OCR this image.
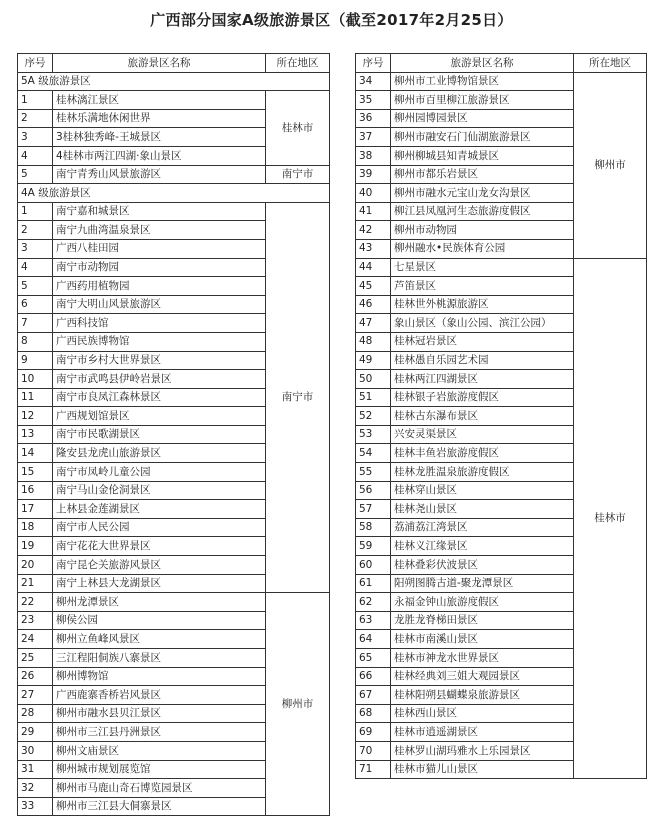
广西部分国家A级旅游景区（截至2017年2月25日）
序号	旅游景区名称	所在地区
5A 级旅游景区		
1	桂林漓江景区	桂林市
2	桂林乐满地休闲世界	
3	3桂林独秀峰-王城景区	
4	4桂林市两江四湖·象山景区	
5	南宁青秀山风景旅游区	南宁市
4A 级旅游景区		
1	南宁嘉和城景区	南宁市
2	南宁九曲湾温泉景区	
3	广西八桂田园	
4	南宁市动物园	
5	广西药用植物园	
6	南宁大明山风景旅游区	
7	广西科技馆	
8	广西民族博物馆	
9	南宁市乡村大世界景区	
10	南宁市武鸣县伊岭岩景区	
11	南宁市良凤江森林景区	
12	广西规划馆景区	
13	南宁市民歌湖景区	
14	隆安县龙虎山旅游景区	
15	南宁市凤岭儿童公园	
16	南宁马山金伦洞景区	
17	上林县金莲湖景区	
18	南宁市人民公园	
19	南宁花花大世界景区	
20	南宁昆仑关旅游风景区	
21	南宁上林县大龙湖景区	
22	柳州龙潭景区	柳州市
23	柳侯公园	
24	柳州立鱼峰风景区	
25	三江程阳侗族八寨景区	
26	柳州博物馆	
27	广西鹿寨香桥岩风景区	
28	柳州市融水县贝江景区	
29	柳州市三江县丹洲景区	
30	柳州文庙景区	
31	柳州城市规划展览馆	
32	柳州市马鹿山奇石博览园景区	
33	柳州市三江县大侗寨景区	
序号	旅游景区名称	所在地区
34	柳州市工业博物馆景区	柳州市
35	柳州市百里柳江旅游景区	
36	柳州园博园景区	
37	柳州市融安石门仙湖旅游景区	
38	柳州柳城县知青城景区	
39	柳州市都乐岩景区	
40	柳州市融水元宝山龙女沟景区	
41	柳江县凤凰河生态旅游度假区	
42	柳州市动物园	
43	柳州融水•民族体育公园	
44	七星景区	桂林市
45	芦笛景区	
46	桂林世外桃源旅游区	
47	象山景区（象山公园、滨江公园）	
48	桂林冠岩景区	
49	桂林愚自乐园艺术园	
50	桂林两江四湖景区	
51	桂林银子岩旅游度假区	
52	桂林古东瀑布景区	
53	兴安灵渠景区	
54	桂林丰鱼岩旅游度假区	
55	桂林龙胜温泉旅游度假区	
56	桂林穿山景区	
57	桂林尧山景区	
58	荔浦荔江湾景区	
59	桂林义江缘景区	
60	桂林叠彩伏波景区	
61	阳朔图腾古道-聚龙潭景区	
62	永福金钟山旅游度假区	
63	龙胜龙脊梯田景区	
64	桂林市南溪山景区	
65	桂林市神龙水世界景区	
66	桂林经典刘三姐大观园景区	
67	桂林阳朔县蝴蝶泉旅游景区	
68	桂林西山景区	
69	桂林市逍遥湖景区	
70	桂林罗山湖玛雅水上乐园景区	
71	桂林市猫儿山景区	
